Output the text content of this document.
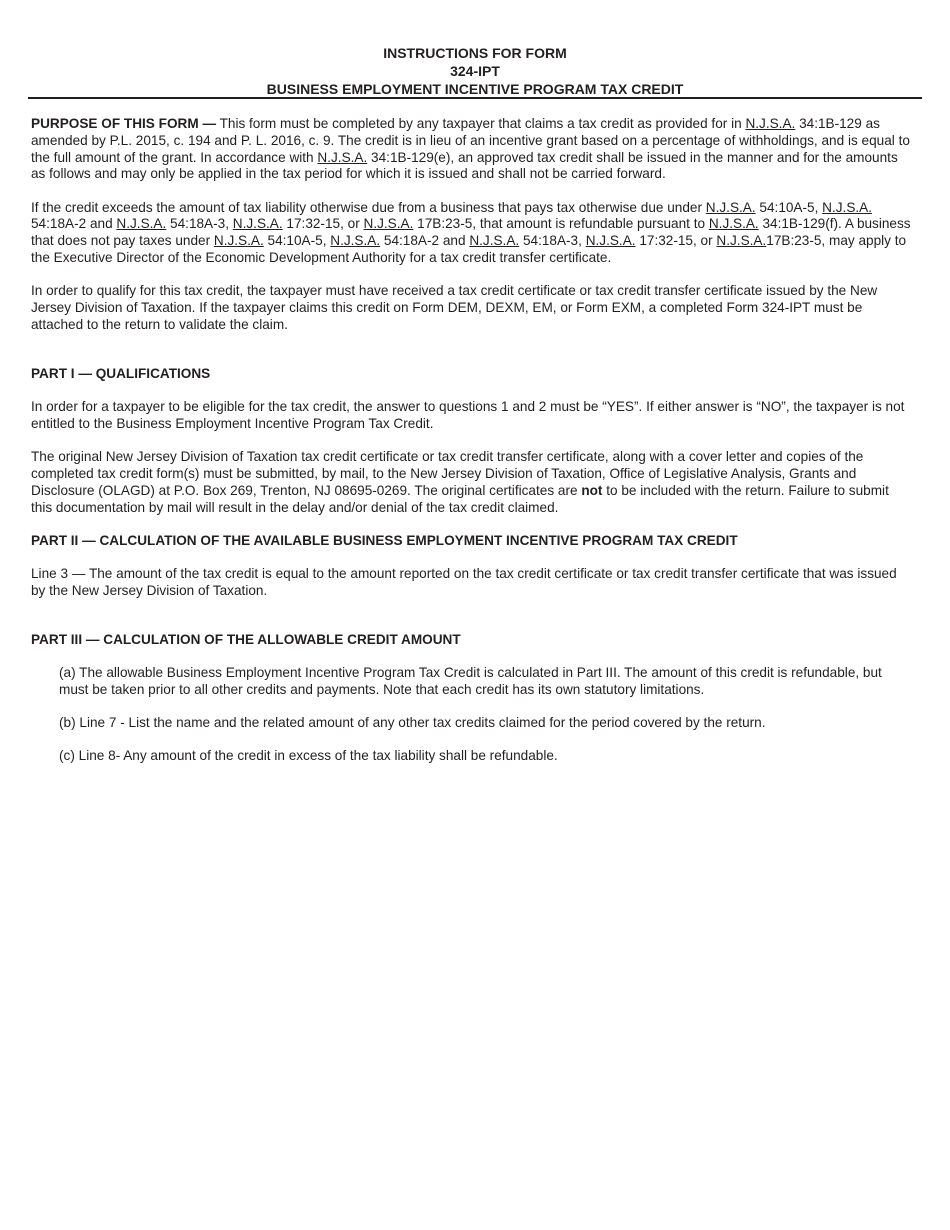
INSTRUCTIONS FOR FORM
324-IPT
BUSINESS EMPLOYMENT INCENTIVE PROGRAM TAX CREDIT

PURPOSE OF THIS FORM — This form must be completed by any taxpayer that claims a tax credit as provided for in N.J.S.A. 34:1B-129 as amended by P.L. 2015, c. 194 and P. L. 2016, c. 9. The credit is in lieu of an incentive grant based on a percentage of withholdings, and is equal to the full amount of the grant. In accordance with N.J.S.A. 34:1B-129(e), an approved tax credit shall be issued in the manner and for the amounts as follows and may only be applied in the tax period for which it is issued and shall not be carried forward.

If the credit exceeds the amount of tax liability otherwise due from a business that pays tax otherwise due under N.J.S.A. 54:10A-5, N.J.S.A. 54:18A-2 and N.J.S.A. 54:18A-3, N.J.S.A. 17:32-15, or N.J.S.A. 17B:23-5, that amount is refundable pursuant to N.J.S.A. 34:1B-129(f). A business that does not pay taxes under N.J.S.A. 54:10A-5, N.J.S.A. 54:18A-2 and N.J.S.A. 54:18A-3, N.J.S.A. 17:32-15, or N.J.S.A.17B:23-5, may apply to the Executive Director of the Economic Development Authority for a tax credit transfer certificate.

In order to qualify for this tax credit, the taxpayer must have received a tax credit certificate or tax credit transfer certificate issued by the New Jersey Division of Taxation. If the taxpayer claims this credit on Form DEM, DEXM, EM, or Form EXM, a completed Form 324-IPT must be attached to the return to validate the claim.

PART I — QUALIFICATIONS

In order for a taxpayer to be eligible for the tax credit, the answer to questions 1 and 2 must be “YES”. If either answer is “NO”, the taxpayer is not entitled to the Business Employment Incentive Program Tax Credit.

The original New Jersey Division of Taxation tax credit certificate or tax credit transfer certificate, along with a cover letter and copies of the completed tax credit form(s) must be submitted, by mail, to the New Jersey Division of Taxation, Office of Legislative Analysis, Grants and Disclosure (OLAGD) at P.O. Box 269, Trenton, NJ 08695-0269. The original certificates are not to be included with the return. Failure to submit this documentation by mail will result in the delay and/or denial of the tax credit claimed.

PART II — CALCULATION OF THE AVAILABLE BUSINESS EMPLOYMENT INCENTIVE PROGRAM TAX CREDIT

Line 3 — The amount of the tax credit is equal to the amount reported on the tax credit certificate or tax credit transfer certificate that was issued by the New Jersey Division of Taxation.

PART III — CALCULATION OF THE ALLOWABLE CREDIT AMOUNT

(a) The allowable Business Employment Incentive Program Tax Credit is calculated in Part III. The amount of this credit is refundable, but must be taken prior to all other credits and payments. Note that each credit has its own statutory limitations.

(b) Line 7 - List the name and the related amount of any other tax credits claimed for the period covered by the return.

(c) Line 8- Any amount of the credit in excess of the tax liability shall be refundable.
